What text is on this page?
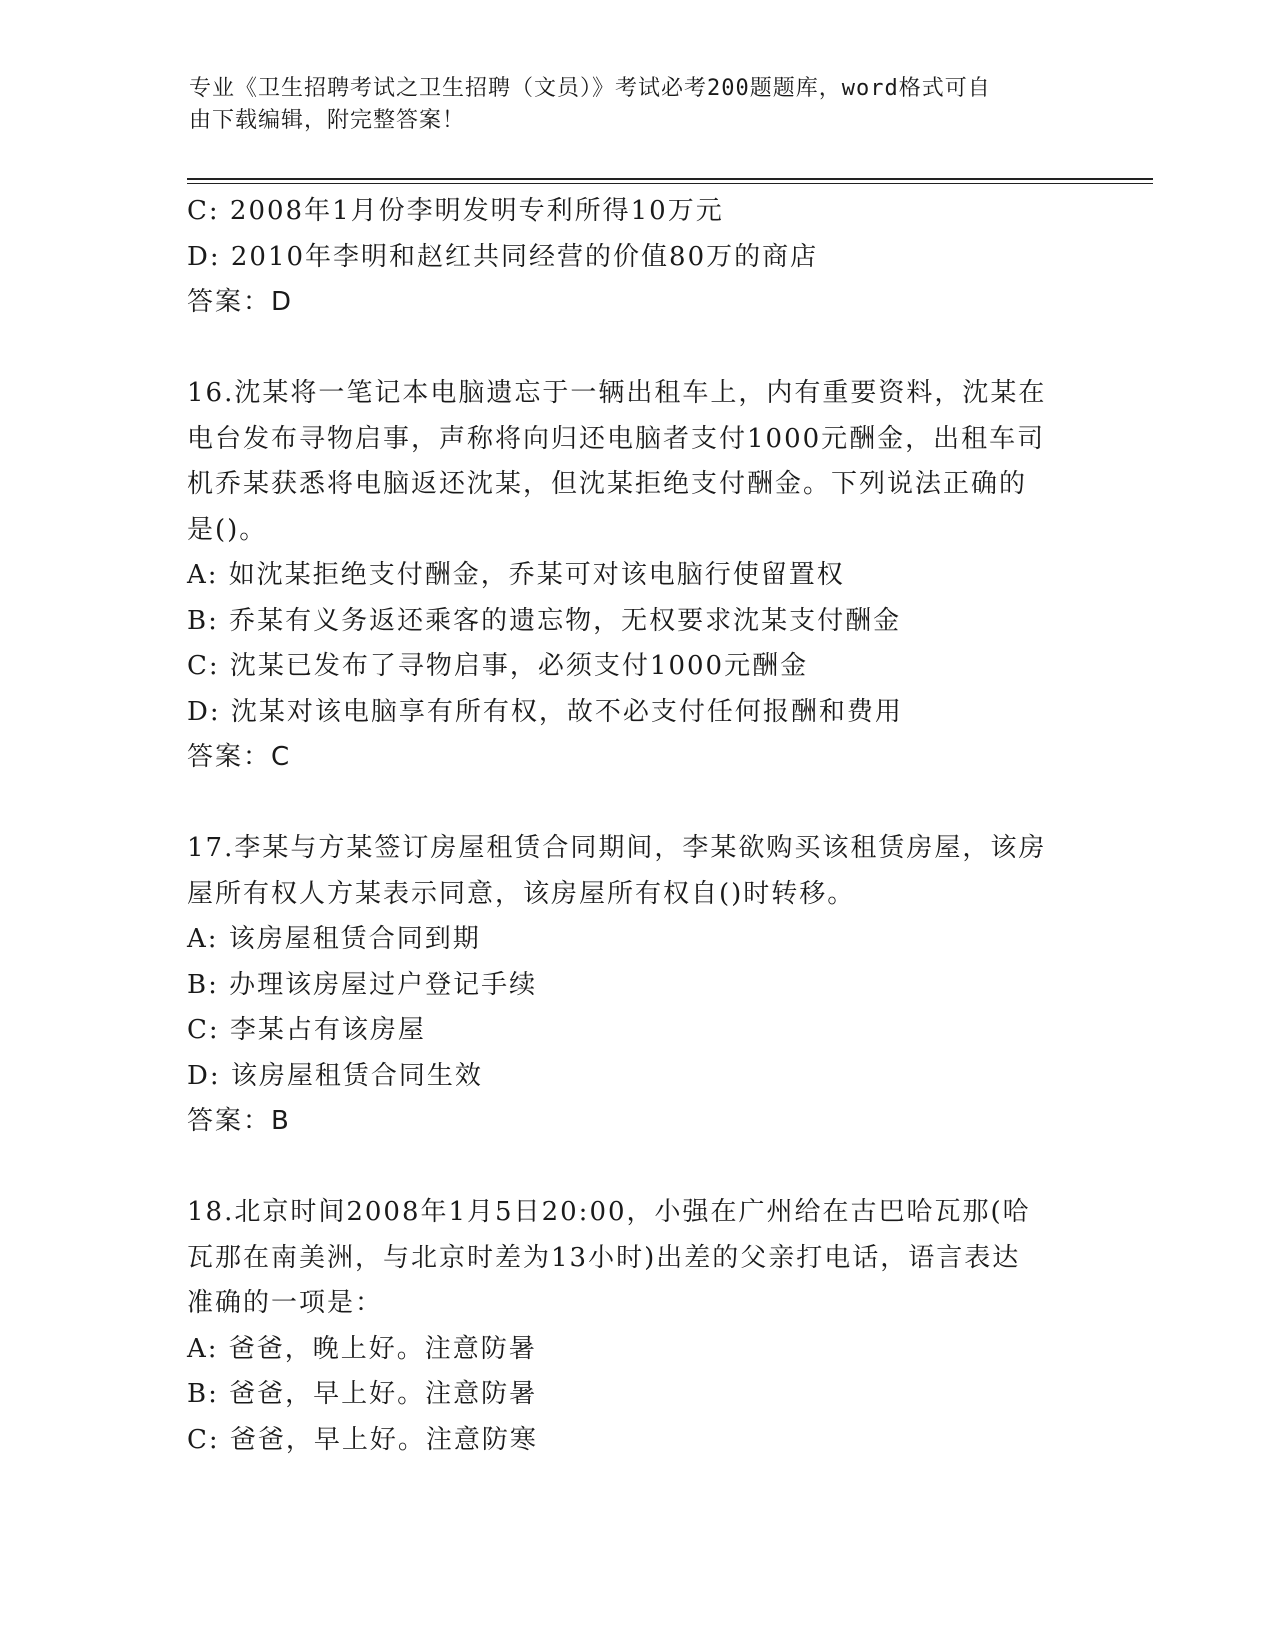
专业《卫生招聘考试之卫生招聘（文员）》考试必考200题题库，word格式可自
由下载编辑，附完整答案！
C: 2008年1月份李明发明专利所得10万元
D: 2010年李明和赵红共同经营的价值80万的商店
答案：D
16.沈某将一笔记本电脑遗忘于一辆出租车上，内有重要资料，沈某在
电台发布寻物启事，声称将向归还电脑者支付1000元酬金，出租车司
机乔某获悉将电脑返还沈某，但沈某拒绝支付酬金。下列说法正确的
是()。
A: 如沈某拒绝支付酬金，乔某可对该电脑行使留置权
B: 乔某有义务返还乘客的遗忘物，无权要求沈某支付酬金
C: 沈某已发布了寻物启事，必须支付1000元酬金
D: 沈某对该电脑享有所有权，故不必支付任何报酬和费用
答案：C
17.李某与方某签订房屋租赁合同期间，李某欲购买该租赁房屋，该房
屋所有权人方某表示同意，该房屋所有权自()时转移。
A: 该房屋租赁合同到期
B: 办理该房屋过户登记手续
C: 李某占有该房屋
D: 该房屋租赁合同生效
答案：B
18.北京时间2008年1月5日20:00，小强在广州给在古巴哈瓦那(哈
瓦那在南美洲，与北京时差为13小时)出差的父亲打电话，语言表达
准确的一项是：
A: 爸爸，晚上好。注意防暑
B: 爸爸，早上好。注意防暑
C: 爸爸，早上好。注意防寒
